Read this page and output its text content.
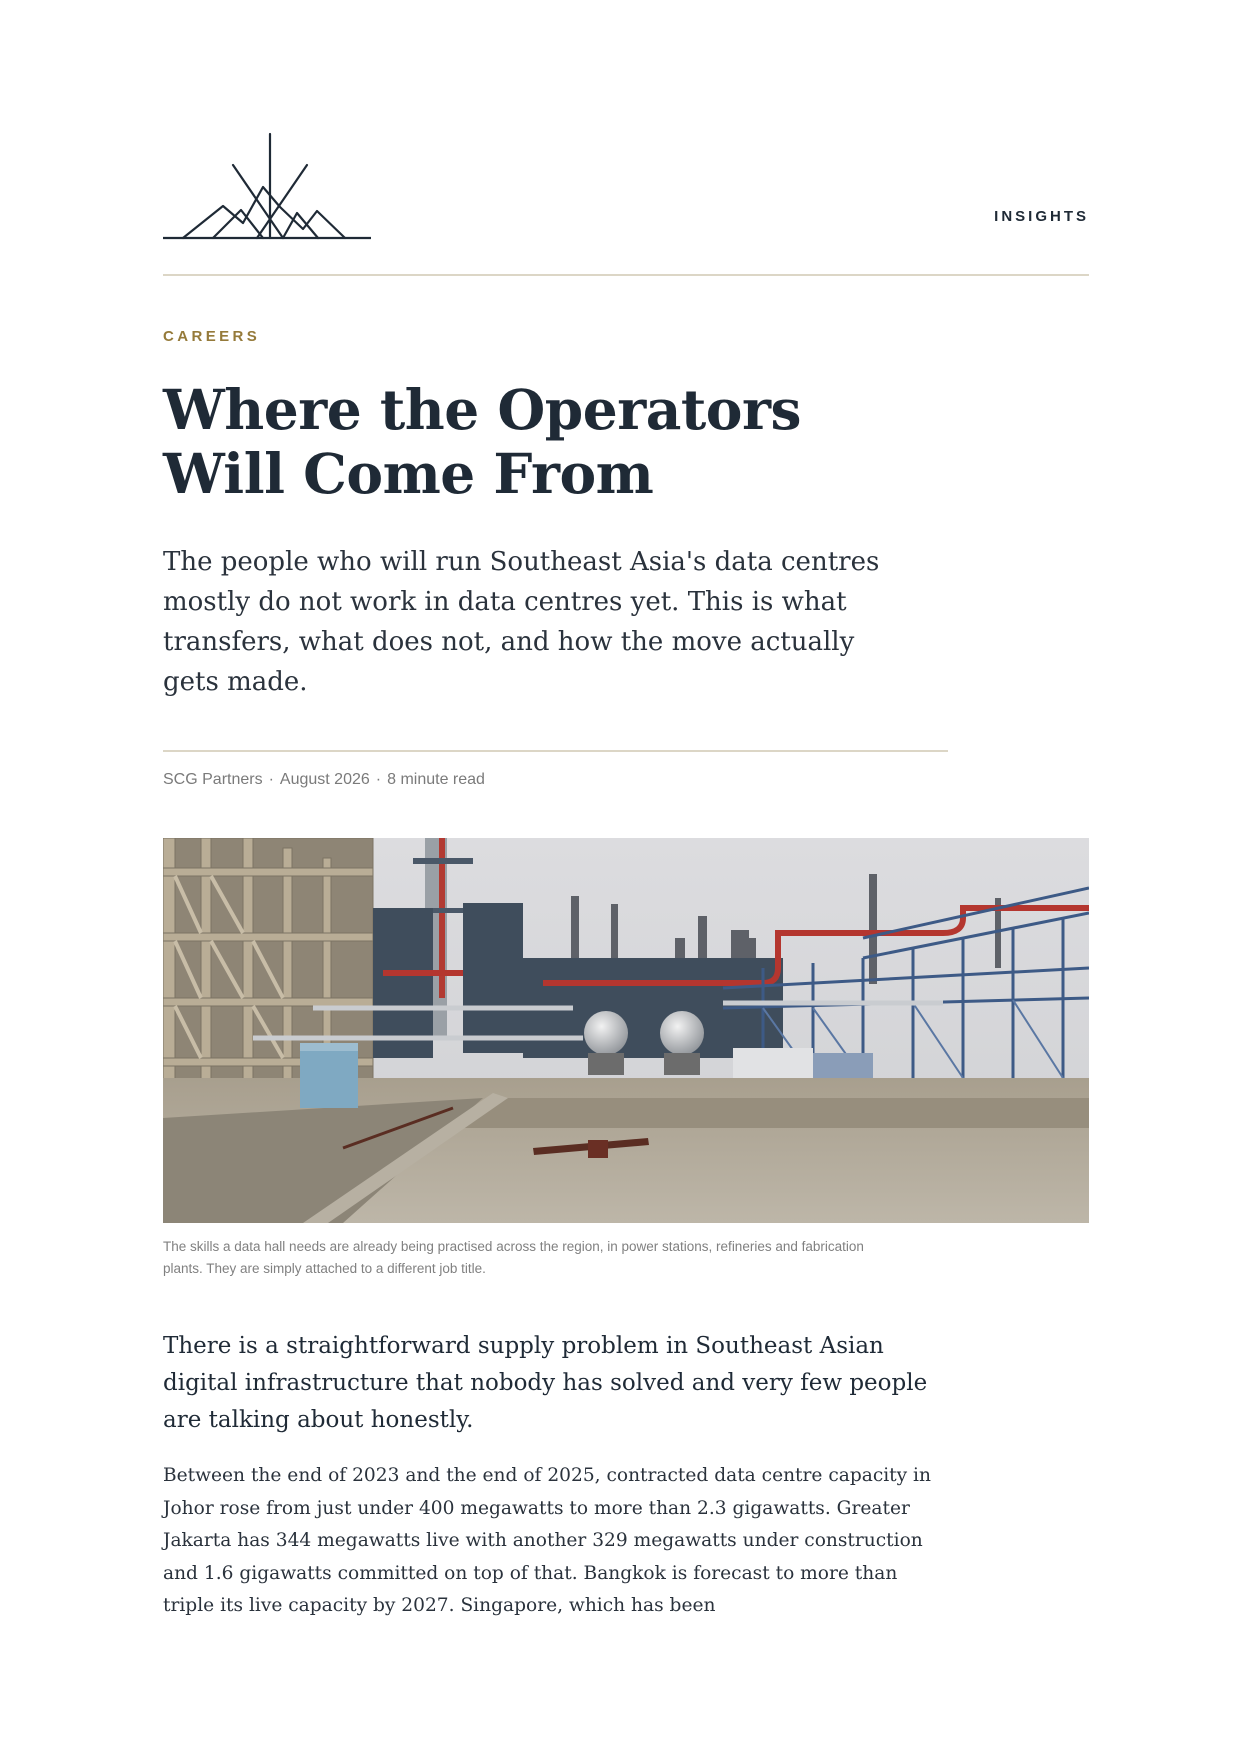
INSIGHTS
CAREERS
Where the Operators Will Come From

The people who will run Southeast Asia's data centres mostly do not work in data centres yet. This is what transfers, what does not, and how the move actually gets made.

SCG Partners · August 2026 · 8 minute read

The skills a data hall needs are already being practised across the region, in power stations, refineries and fabrication plants. They are simply attached to a different job title.

There is a straightforward supply problem in Southeast Asian digital infrastructure that nobody has solved and very few people are talking about honestly.

Between the end of 2023 and the end of 2025, contracted data centre capacity in Johor rose from just under 400 megawatts to more than 2.3 gigawatts. Greater Jakarta has 344 megawatts live with another 329 megawatts under construction and 1.6 gigawatts committed on top of that. Bangkok is forecast to more than triple its live capacity by 2027. Singapore, which has been
